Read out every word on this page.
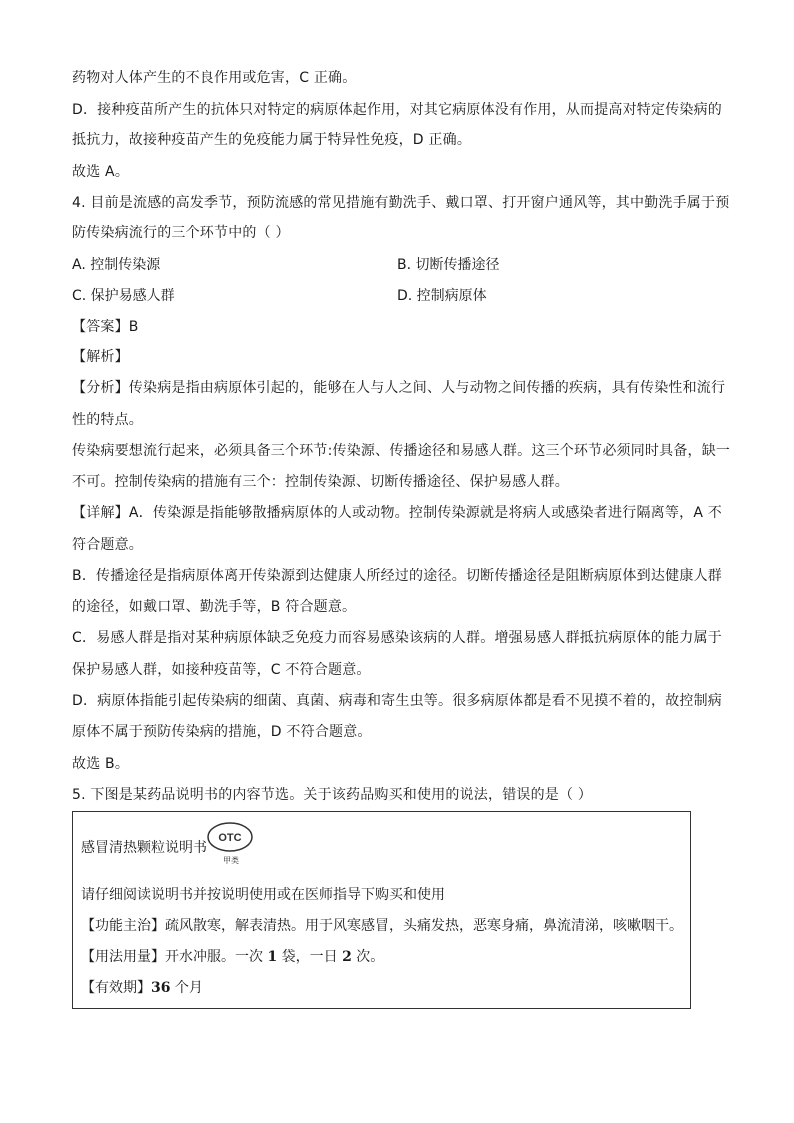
药物对人体产生的不良作用或危害，C 正确。
D．接种疫苗所产生的抗体只对特定的病原体起作用，对其它病原体没有作用，从而提高对特定传染病的
抵抗力，故接种疫苗产生的免疫能力属于特异性免疫，D 正确。
故选 A。
4. 目前是流感的高发季节，预防流感的常见措施有勤洗手、戴口罩、打开窗户通风等，其中勤洗手属于预
防传染病流行的三个环节中的（ ）
A. 控制传染源	B. 切断传播途径
C. 保护易感人群	D. 控制病原体
【答案】B
【解析】
【分析】传染病是指由病原体引起的，能够在人与人之间、人与动物之间传播的疾病，具有传染性和流行
性的特点。
传染病要想流行起来，必须具备三个环节:传染源、传播途径和易感人群。这三个环节必须同时具备，缺一
不可。控制传染病的措施有三个：控制传染源、切断传播途径、保护易感人群。
【详解】A．传染源是指能够散播病原体的人或动物。控制传染源就是将病人或感染者进行隔离等，A 不
符合题意。
B．传播途径是指病原体离开传染源到达健康人所经过的途径。切断传播途径是阻断病原体到达健康人群
的途径，如戴口罩、勤洗手等，B 符合题意。
C．易感人群是指对某种病原体缺乏免疫力而容易感染该病的人群。增强易感人群抵抗病原体的能力属于
保护易感人群，如接种疫苗等，C 不符合题意。
D．病原体指能引起传染病的细菌、真菌、病毒和寄生虫等。很多病原体都是看不见摸不着的，故控制病
原体不属于预防传染病的措施，D 不符合题意。
故选 B。
5. 下图是某药品说明书的内容节选。关于该药品购买和使用的说法，错误的是（ ）
感冒清热颗粒说明书
OTC
甲类
请仔细阅读说明书并按说明使用或在医师指导下购买和使用
【功能主治】疏风散寒，解表清热。用于风寒感冒，头痛发热，恶寒身痛，鼻流清涕，咳嗽咽干。
【用法用量】开水冲服。一次 1 袋，一日 2 次。
【有效期】36 个月
